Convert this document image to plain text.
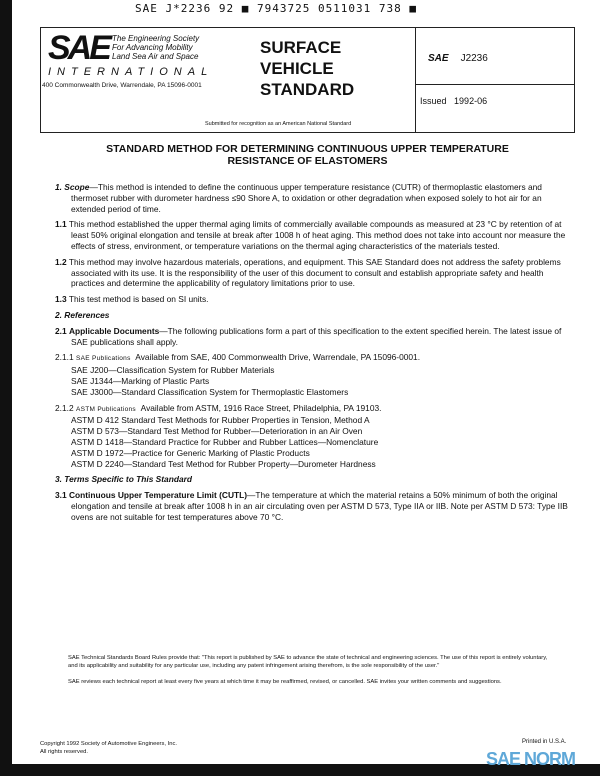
SAE J*2236 92 ■ 7943725 0511031 738 ■
SAE The Engineering Society
For Advancing Mobility
Land Sea Air and Space
INTERNATIONAL
400 Commonwealth Drive, Warrendale, PA 15096-0001
SURFACE
VEHICLE
STANDARD
Submitted for recognition as an American National Standard
SAE J2236
Issued 1992-06
STANDARD METHOD FOR DETERMINING CONTINUOUS UPPER TEMPERATURE
RESISTANCE OF ELASTOMERS

1. Scope—This method is intended to define the continuous upper temperature resistance (CUTR) of thermoplastic elastomers and thermoset rubber with durometer hardness ≤90 Shore A, to oxidation or other degradation when exposed solely to hot air for an extended period of time.

1.1 This method established the upper thermal aging limits of commercially available compounds as measured at 23 °C by retention of at least 50% original elongation and tensile at break after 1008 h of heat aging. This method does not take into account nor measure the effects of stress, environment, or temperature variations on the thermal aging characteristics of the materials tested.

1.2 This method may involve hazardous materials, operations, and equipment. This SAE Standard does not address the safety problems associated with its use. It is the responsibility of the user of this document to consult and establish appropriate safety and health practices and determine the applicability of regulatory limitations prior to use.

1.3 This test method is based on SI units.

2. References

2.1 Applicable Documents—The following publications form a part of this specification to the extent specified herein. The latest issue of SAE publications shall apply.

2.1.1 SAE Publications Available from SAE, 400 Commonwealth Drive, Warrendale, PA 15096-0001.

SAE J200—Classification System for Rubber Materials
SAE J1344—Marking of Plastic Parts
SAE J3000—Standard Classification System for Thermoplastic Elastomers

2.1.2 ASTM Publications Available from ASTM, 1916 Race Street, Philadelphia, PA 19103.

ASTM D 412 Standard Test Methods for Rubber Properties in Tension, Method A
ASTM D 573—Standard Test Method for Rubber—Deterioration in an Air Oven
ASTM D 1418—Standard Practice for Rubber and Rubber Lattices—Nomenclature
ASTM D 1972—Practice for Generic Marking of Plastic Products
ASTM D 2240—Standard Test Method for Rubber Property—Durometer Hardness

3. Terms Specific to This Standard

3.1 Continuous Upper Temperature Limit (CUTL)—The temperature at which the material retains a 50% minimum of both the original elongation and tensile at break after 1008 h in an air circulating oven per ASTM D 573, Type IIA or IIB. Note per ASTM D 573: Type IIB ovens are not suitable for test temperatures above 70 °C.

SAE Technical Standards Board Rules provide that: "This report is published by SAE to advance the state of technical and engineering sciences. The use of this report is entirely voluntary, and its applicability and suitability for any particular use, including any patent infringement arising therefrom, is the sole responsibility of the user."

SAE reviews each technical report at least every five years at which time it may be reaffirmed, revised, or cancelled. SAE invites your written comments and suggestions.

Copyright 1992 Society of Automotive Engineers, Inc.
All rights reserved.
Printed in U.S.A.
SAE NORM
